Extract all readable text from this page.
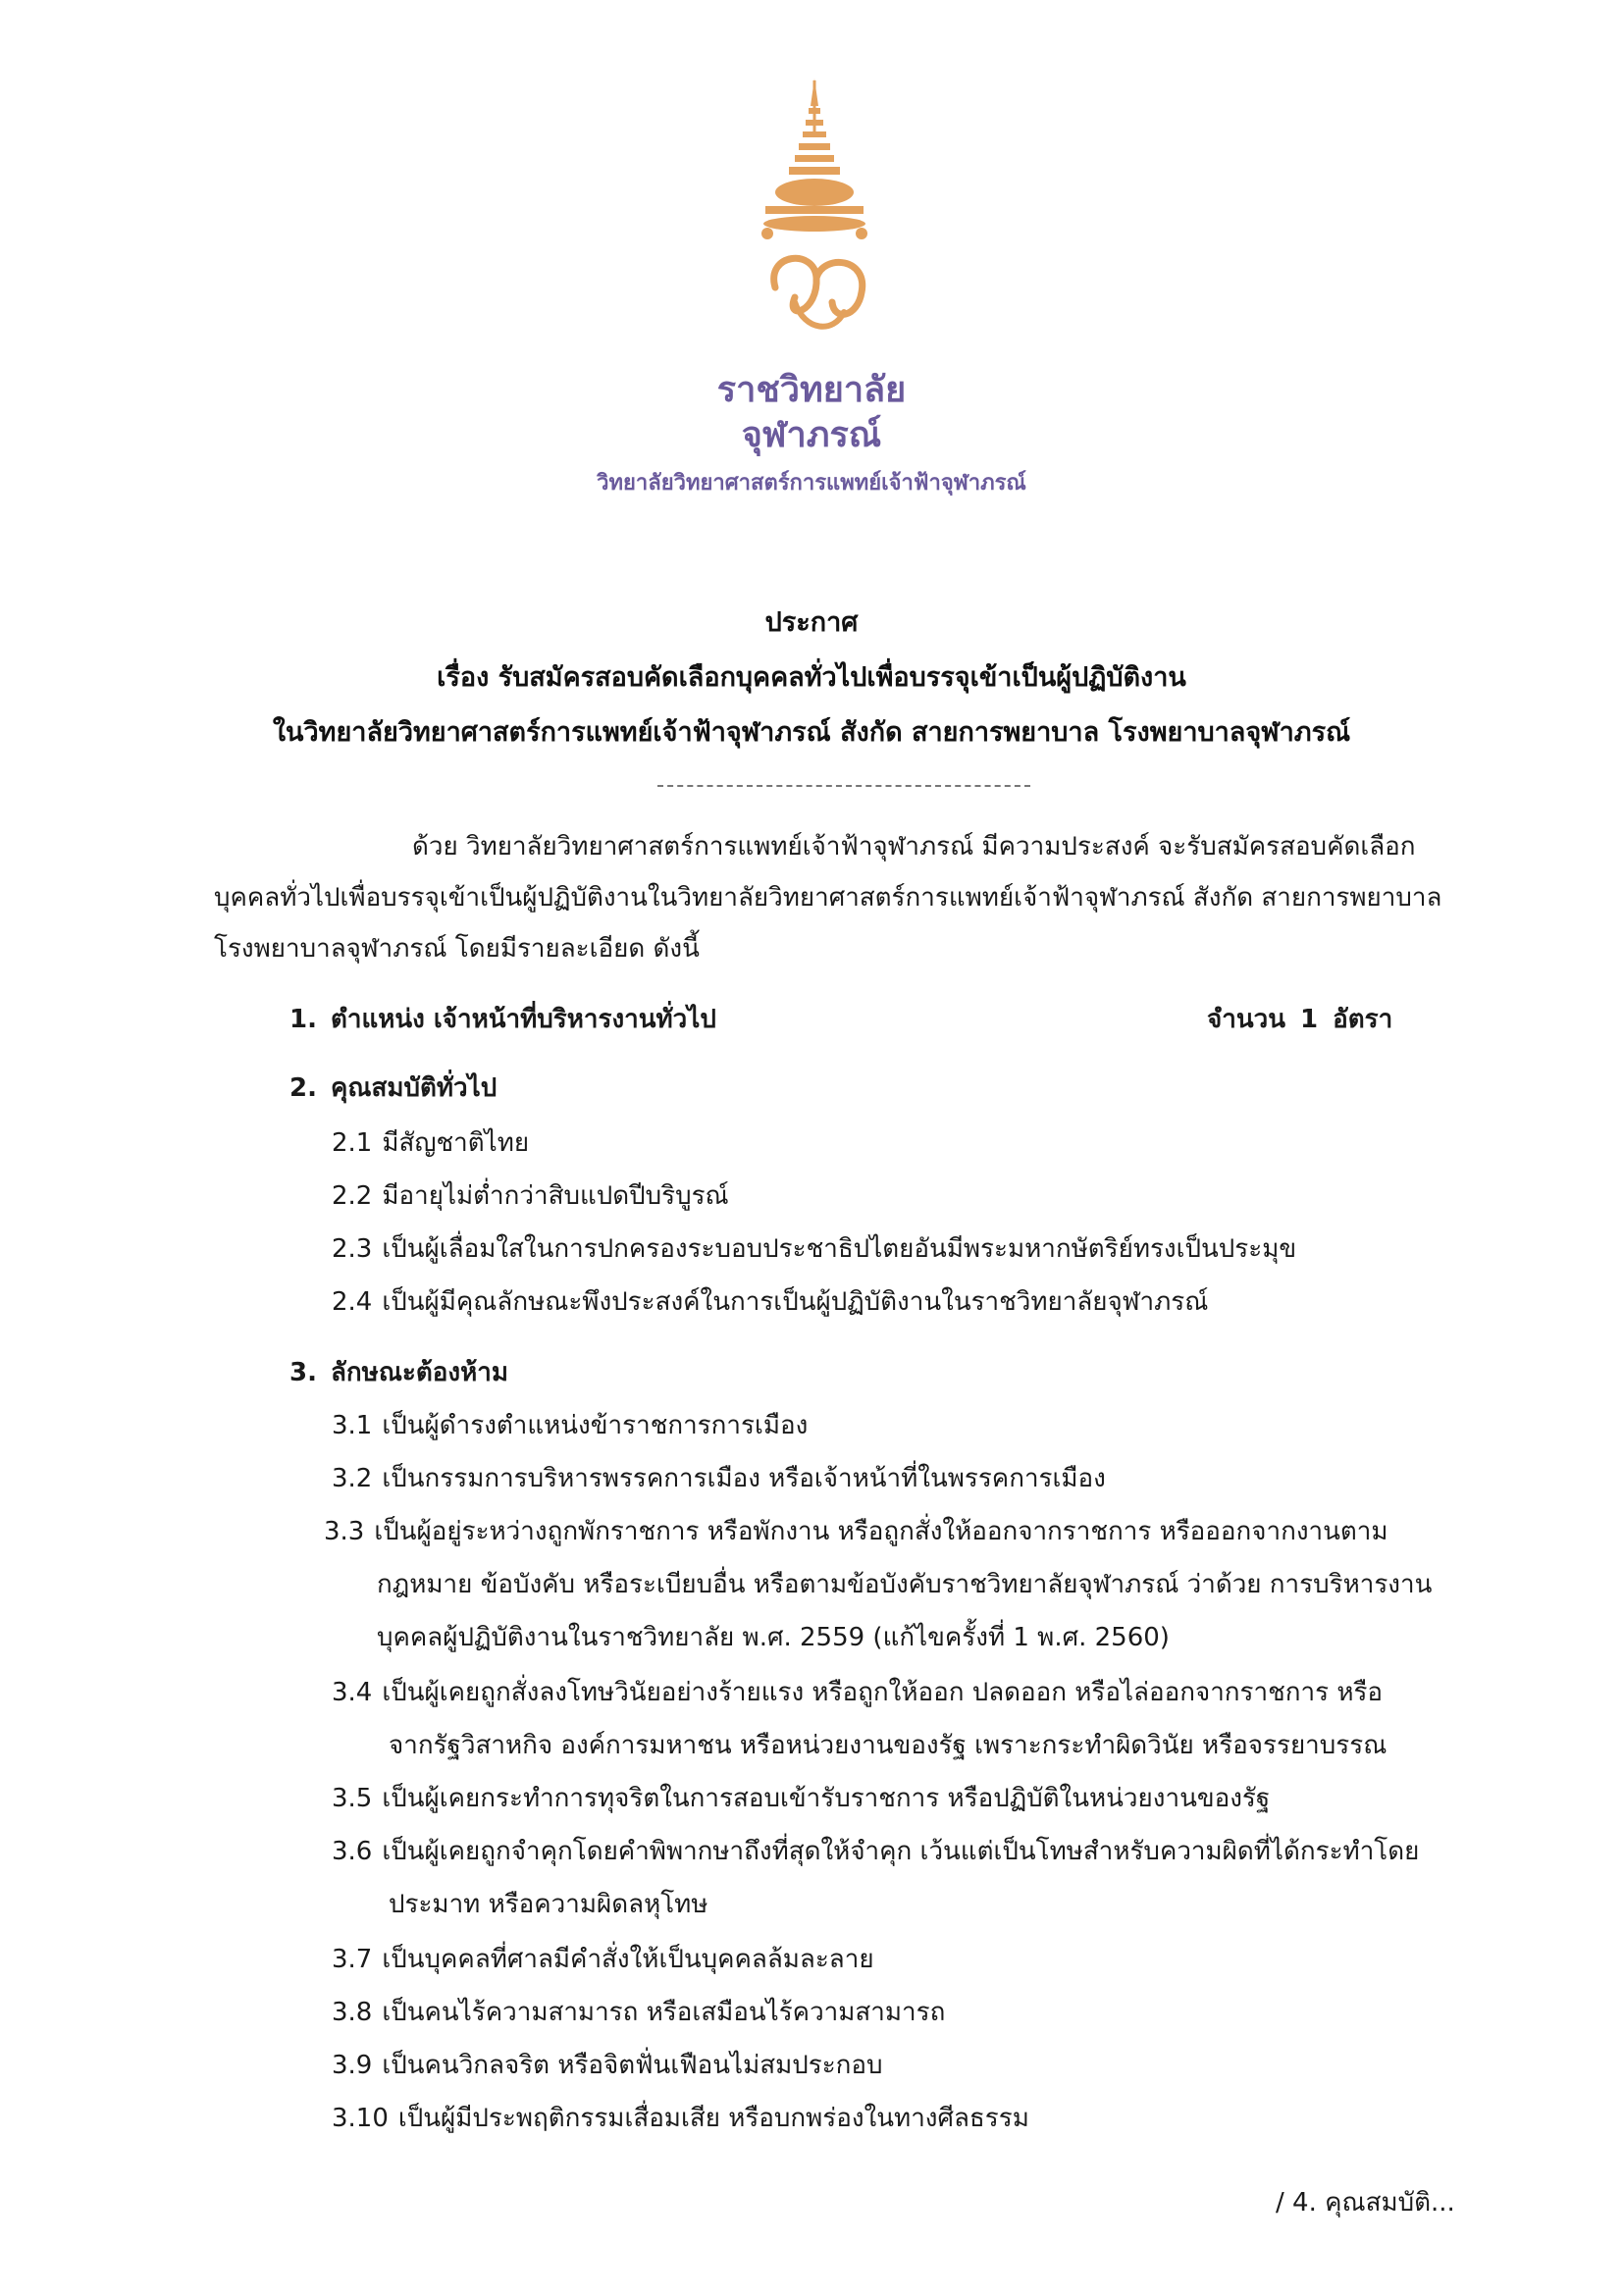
ราชวิทยาลัย
จุฬาภรณ์
วิทยาลัยวิทยาศาสตร์การแพทย์เจ้าฟ้าจุฬาภรณ์
ประกาศ
เรื่อง รับสมัครสอบคัดเลือกบุคคลทั่วไปเพื่อบรรจุเข้าเป็นผู้ปฏิบัติงาน
ในวิทยาลัยวิทยาศาสตร์การแพทย์เจ้าฟ้าจุฬาภรณ์ สังกัด สายการพยาบาล โรงพยาบาลจุฬาภรณ์
ด้วย วิทยาลัยวิทยาศาสตร์การแพทย์เจ้าฟ้าจุฬาภรณ์ มีความประสงค์ จะรับสมัครสอบคัดเลือก
บุคคลทั่วไปเพื่อบรรจุเข้าเป็นผู้ปฏิบัติงานในวิทยาลัยวิทยาศาสตร์การแพทย์เจ้าฟ้าจุฬาภรณ์ สังกัด สายการพยาบาล
โรงพยาบาลจุฬาภรณ์ โดยมีรายละเอียด ดังนี้
1. ตำแหน่ง เจ้าหน้าที่บริหารงานทั่วไป	จำนวน 1 อัตรา
2. คุณสมบัติทั่วไป
2.1 มีสัญชาติไทย
2.2 มีอายุไม่ต่ำกว่าสิบแปดปีบริบูรณ์
2.3 เป็นผู้เลื่อมใสในการปกครองระบอบประชาธิปไตยอันมีพระมหากษัตริย์ทรงเป็นประมุข
2.4 เป็นผู้มีคุณลักษณะพึงประสงค์ในการเป็นผู้ปฏิบัติงานในราชวิทยาลัยจุฬาภรณ์
3. ลักษณะต้องห้าม
3.1 เป็นผู้ดำรงตำแหน่งข้าราชการการเมือง
3.2 เป็นกรรมการบริหารพรรคการเมือง หรือเจ้าหน้าที่ในพรรคการเมือง
3.3 เป็นผู้อยู่ระหว่างถูกพักราชการ หรือพักงาน หรือถูกสั่งให้ออกจากราชการ หรือออกจากงานตาม
กฎหมาย ข้อบังคับ หรือระเบียบอื่น หรือตามข้อบังคับราชวิทยาลัยจุฬาภรณ์ ว่าด้วย การบริหารงาน
บุคคลผู้ปฏิบัติงานในราชวิทยาลัย พ.ศ. 2559 (แก้ไขครั้งที่ 1 พ.ศ. 2560)
3.4 เป็นผู้เคยถูกสั่งลงโทษวินัยอย่างร้ายแรง หรือถูกให้ออก ปลดออก หรือไล่ออกจากราชการ หรือ
จากรัฐวิสาหกิจ องค์การมหาชน หรือหน่วยงานของรัฐ เพราะกระทำผิดวินัย หรือจรรยาบรรณ
3.5 เป็นผู้เคยกระทำการทุจริตในการสอบเข้ารับราชการ หรือปฏิบัติในหน่วยงานของรัฐ
3.6 เป็นผู้เคยถูกจำคุกโดยคำพิพากษาถึงที่สุดให้จำคุก เว้นแต่เป็นโทษสำหรับความผิดที่ได้กระทำโดย
ประมาท หรือความผิดลหุโทษ
3.7 เป็นบุคคลที่ศาลมีคำสั่งให้เป็นบุคคลล้มละลาย
3.8 เป็นคนไร้ความสามารถ หรือเสมือนไร้ความสามารถ
3.9 เป็นคนวิกลจริต หรือจิตฟั่นเฟือนไม่สมประกอบ
3.10 เป็นผู้มีประพฤติกรรมเสื่อมเสีย หรือบกพร่องในทางศีลธรรม
/ 4. คุณสมบัติ...
